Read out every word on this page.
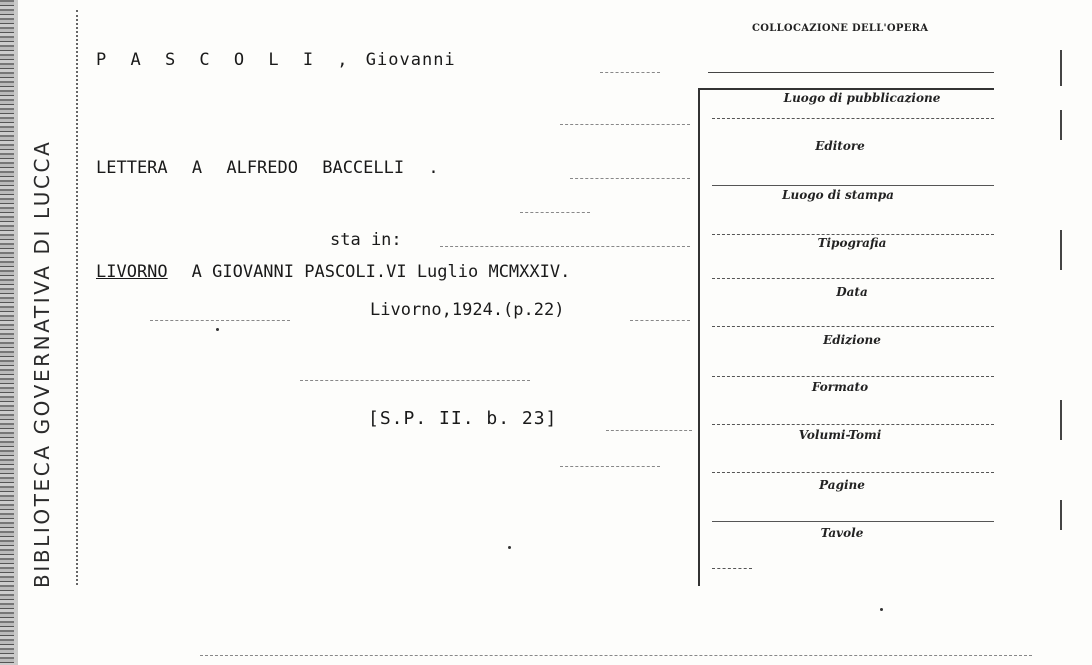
BIBLIOTECA GOVERNATIVA DI LUCCA
P A S C O L I , Giovanni
LETTERA A ALFREDO BACCELLI .
sta in:
LIVORNO A GIOVANNI PASCOLI.VI Luglio MCMXXIV.
Livorno,1924.(p.22)
[S.P. II. b. 23]
COLLOCAZIONE DELL'OPERA
Luogo di pubblicazione
Editore
Luogo di stampa
Tipografia
Data
Edizione
Formato
Volumi-Tomi
Pagine
Tavole
